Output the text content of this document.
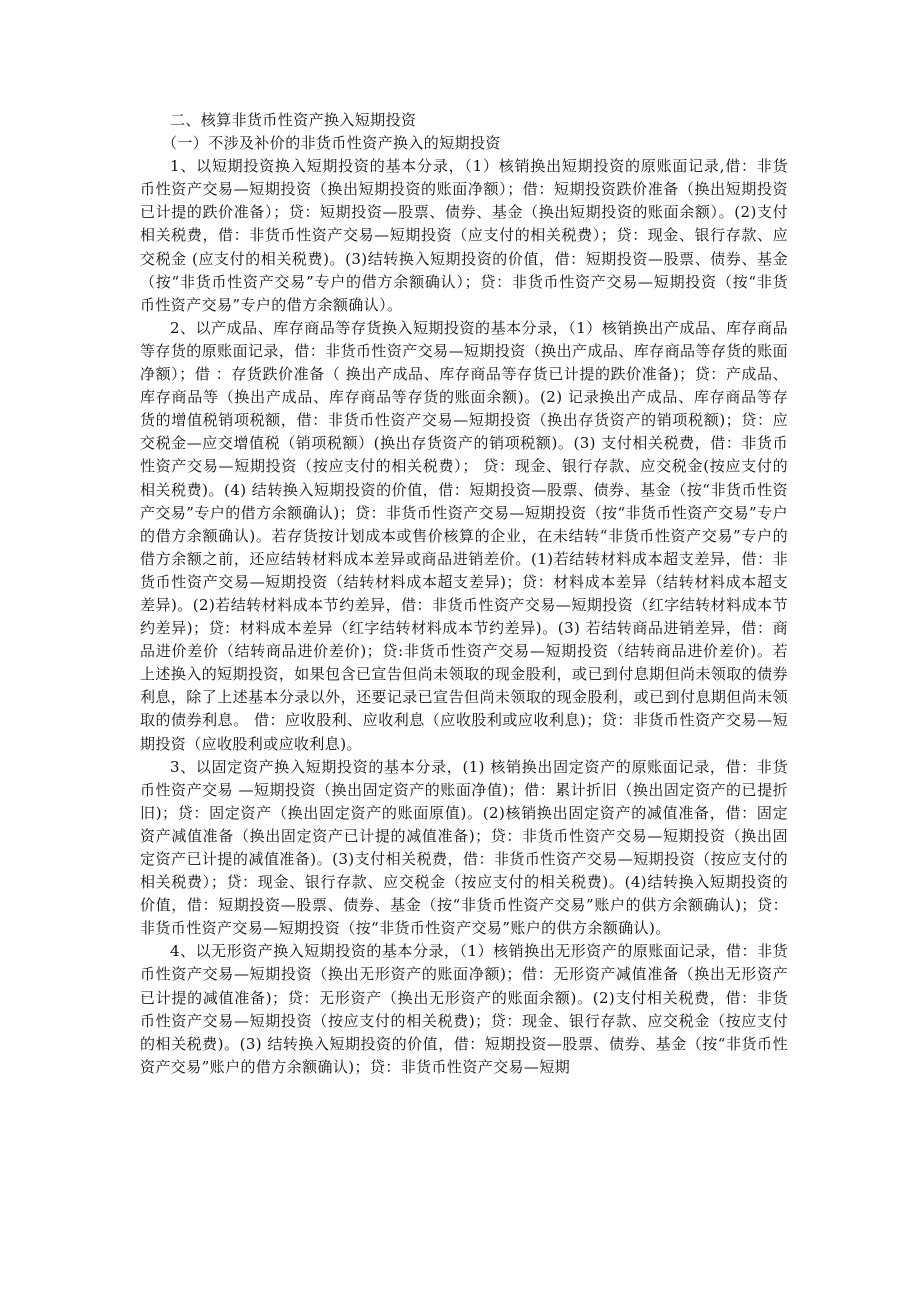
二、核算非货币性资产换入短期投资

（一）不涉及补价的非货币性资产换入的短期投资

1、以短期投资换入短期投资的基本分录，（1）核销换出短期投资的原账面记录,借：非货币性资产交易—短期投资（换出短期投资的账面净额）；借：短期投资跌价准备（换出短期投资已计提的跌价准备）；贷：短期投资—股票、债券、基金（换出短期投资的账面余额）。(2)支付相关税费，借：非货币性资产交易—短期投资（应支付的相关税费）；贷：现金、银行存款、应交税金 (应支付的相关税费)。(3)结转换入短期投资的价值，借：短期投资—股票、债券、基金（按“非货币性资产交易”专户的借方余额确认）；贷：非货币性资产交易—短期投资（按“非货币性资产交易”专户的借方余额确认）。

2、以产成品、库存商品等存货换入短期投资的基本分录，（1）核销换出产成品、库存商品等存货的原账面记录，借：非货币性资产交易—短期投资（换出产成品、库存商品等存货的账面净额）；借 ：存货跌价准备（ 换出产成品、库存商品等存货已计提的跌价准备)；贷：产成品、库存商品等（换出产成品、库存商品等存货的账面余额)。(2) 记录换出产成品、库存商品等存货的增值税销项税额，借：非货币性资产交易—短期投资（换出存货资产的销项税额)；贷：应交税金—应交增值税（销项税额）(换出存货资产的销项税额)。(3) 支付相关税费，借：非货币性资产交易—短期投资（按应支付的相关税费）； 贷：现金、银行存款、应交税金(按应支付的相关税费)。(4) 结转换入短期投资的价值，借：短期投资—股票、债券、基金（按“非货币性资产交易”专户的借方余额确认)；贷：非货币性资产交易—短期投资（按“非货币性资产交易”专户的借方余额确认)。若存货按计划成本或售价核算的企业，在未结转“非货币性资产交易”专户的借方余额之前，还应结转材料成本差异或商品进销差价。(1)若结转材料成本超支差异，借：非货币性资产交易—短期投资（结转材料成本超支差异)；贷：材料成本差异（结转材料成本超支差异)。(2)若结转材料成本节约差异，借：非货币性资产交易—短期投资（红字结转材料成本节约差异)；贷：材料成本差异（红字结转材料成本节约差异)。(3) 若结转商品进销差异，借：商品进价差价（结转商品进价差价)；贷:非货币性资产交易—短期投资（结转商品进价差价)。若上述换入的短期投资，如果包含已宣告但尚未领取的现金股利，或已到付息期但尚未领取的债券利息，除了上述基本分录以外，还要记录已宣告但尚未领取的现金股利，或已到付息期但尚未领取的债券利息。 借：应收股利、应收利息（应收股利或应收利息)；贷：非货币性资产交易—短期投资（应收股利或应收利息)。

3、以固定资产换入短期投资的基本分录，(1) 核销换出固定资产的原账面记录，借：非货币性资产交易 —短期投资（换出固定资产的账面净值)；借：累计折旧（换出固定资产的已提折旧)；贷：固定资产（换出固定资产的账面原值)。(2)核销换出固定资产的减值准备，借：固定资产减值准备（换出固定资产已计提的减值准备)；贷：非货币性资产交易—短期投资（换出固定资产已计提的减值准备)。(3)支付相关税费，借：非货币性资产交易—短期投资（按应支付的相关税费）；贷：现金、银行存款、应交税金（按应支付的相关税费)。(4)结转换入短期投资的价值，借：短期投资—股票、债券、基金（按“非货币性资产交易”账户的供方余额确认)；贷：非货币性资产交易—短期投资（按“非货币性资产交易”账户的供方余额确认)。

4、以无形资产换入短期投资的基本分录，（1）核销换出无形资产的原账面记录，借：非货币性资产交易—短期投资（换出无形资产的账面净额)；借：无形资产减值准备（换出无形资产已计提的减值准备)；贷：无形资产（换出无形资产的账面余额)。(2)支付相关税费，借：非货币性资产交易—短期投资（按应支付的相关税费)；贷：现金、银行存款、应交税金（按应支付的相关税费)。(3) 结转换入短期投资的价值，借：短期投资—股票、债券、基金（按“非货币性资产交易”账户的借方余额确认)；贷：非货币性资产交易—短期
